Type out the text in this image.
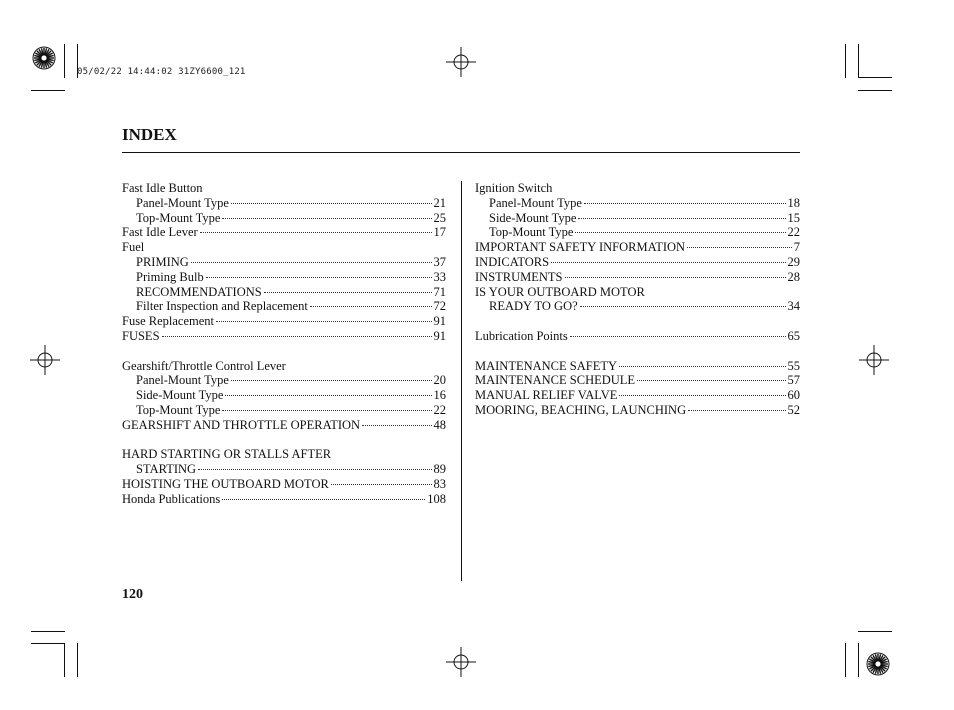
05/02/22 14:44:02 31ZY6600_121
INDEX
Fast Idle Button
Panel-Mount Type	21
Top-Mount Type	25
Fast Idle Lever	17
Fuel
PRIMING	37
Priming Bulb	33
RECOMMENDATIONS	71
Filter Inspection and Replacement	72
Fuse Replacement	91
FUSES	91
Gearshift/Throttle Control Lever
Panel-Mount Type	20
Side-Mount Type	16
Top-Mount Type	22
GEARSHIFT AND THROTTLE OPERATION	48
HARD STARTING OR STALLS AFTER
STARTING	89
HOISTING THE OUTBOARD MOTOR	83
Honda Publications	108
Ignition Switch
Panel-Mount Type	18
Side-Mount Type	15
Top-Mount Type	22
IMPORTANT SAFETY INFORMATION	7
INDICATORS	29
INSTRUMENTS	28
IS YOUR OUTBOARD MOTOR
READY TO GO?	34
Lubrication Points	65
MAINTENANCE SAFETY	55
MAINTENANCE SCHEDULE	57
MANUAL RELIEF VALVE	60
MOORING, BEACHING, LAUNCHING	52
120
